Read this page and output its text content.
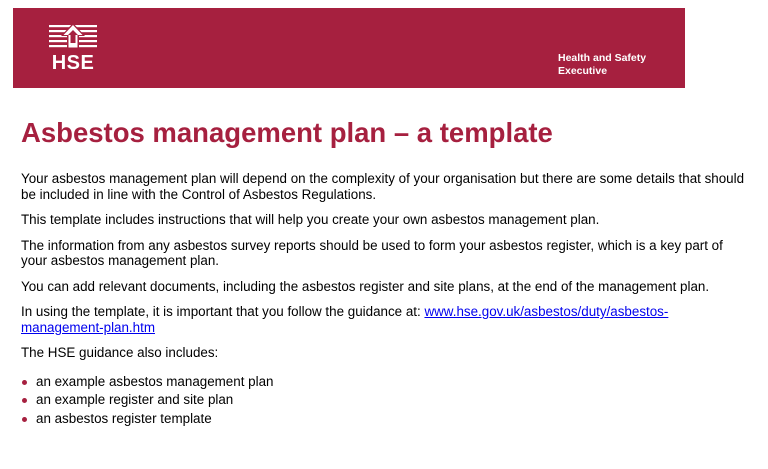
HSE	Health and Safety
Executive
Asbestos management plan – a template

Your asbestos management plan will depend on the complexity of your organisation but there are some details that should be included in line with the Control of Asbestos Regulations.

This template includes instructions that will help you create your own asbestos management plan.

The information from any asbestos survey reports should be used to form your asbestos register, which is a key part of your asbestos management plan.

You can add relevant documents, including the asbestos register and site plans, at the end of the management plan.

In using the template, it is important that you follow the guidance at: www.hse.gov.uk/asbestos/duty/asbestos-management-plan.htm

The HSE guidance also includes:

an example asbestos management plan
an example register and site plan
an asbestos register template
